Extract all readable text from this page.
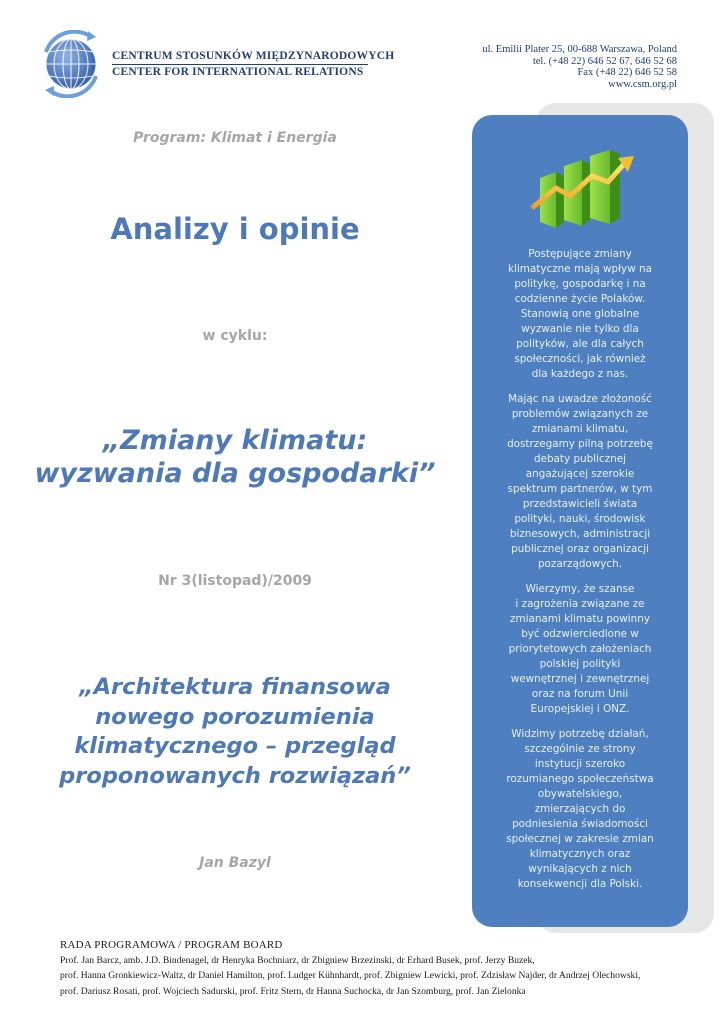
CENTRUM STOSUNKÓW MIĘDZYNARODOWYCH
CENTER FOR INTERNATIONAL RELATIONS
ul. Emilii Plater 25, 00-688 Warszawa, Poland
tel. (+48 22) 646 52 67, 646 52 68
Fax (+48 22) 646 52 58
www.csm.org.pl
Program: Klimat i Energia
Analizy i opinie
w cyklu:
„Zmiany klimatu:
wyzwania dla gospodarki”
Nr 3(listopad)/2009
„Architektura finansowa
nowego porozumienia
klimatycznego – przegląd
proponowanych rozwiązań”
Jan Bazyl

Postępujące zmiany
klimatyczne mają wpływ na
politykę, gospodarkę i na
codzienne życie Polaków.
Stanowią one globalne
wyzwanie nie tylko dla
polityków, ale dla całych
społeczności, jak również
dla każdego z nas.

Mając na uwadze złożoność
problemów związanych ze
zmianami klimatu,
dostrzegamy pilną potrzebę
debaty publicznej
angażującej szerokie
spektrum partnerów, w tym
przedstawicieli świata
polityki, nauki, środowisk
biznesowych, administracji
publicznej oraz organizacji
pozarządowych.

Wierzymy, że szanse
i zagrożenia związane ze
zmianami klimatu powinny
być odzwierciedlone w
priorytetowych założeniach
polskiej polityki
wewnętrznej i zewnętrznej
oraz na forum Unii
Europejskiej i ONZ.

Widzimy potrzebę działań,
szczególnie ze strony
instytucji szeroko
rozumianego społeczeństwa
obywatelskiego,
zmierzających do
podniesienia świadomości
społecznej w zakresie zmian
klimatycznych oraz
wynikających z nich
konsekwencji dla Polski.

RADA PROGRAMOWA / PROGRAM BOARD
Prof. Jan Barcz, amb. J.D. Bindenagel, dr Henryka Bochniarz, dr Zbigniew Brzezinski, dr Erhard Busek, prof. Jerzy Buzek,
prof. Hanna Gronkiewicz-Waltz, dr Daniel Hamilton, prof. Ludger Kühnhardt, prof. Zbigniew Lewicki, prof. Zdzisław Najder, dr Andrzej Olechowski,
prof. Dariusz Rosati, prof. Wojciech Sadurski, prof. Fritz Stern, dr Hanna Suchocka, dr Jan Szomburg, prof. Jan Zielonka
